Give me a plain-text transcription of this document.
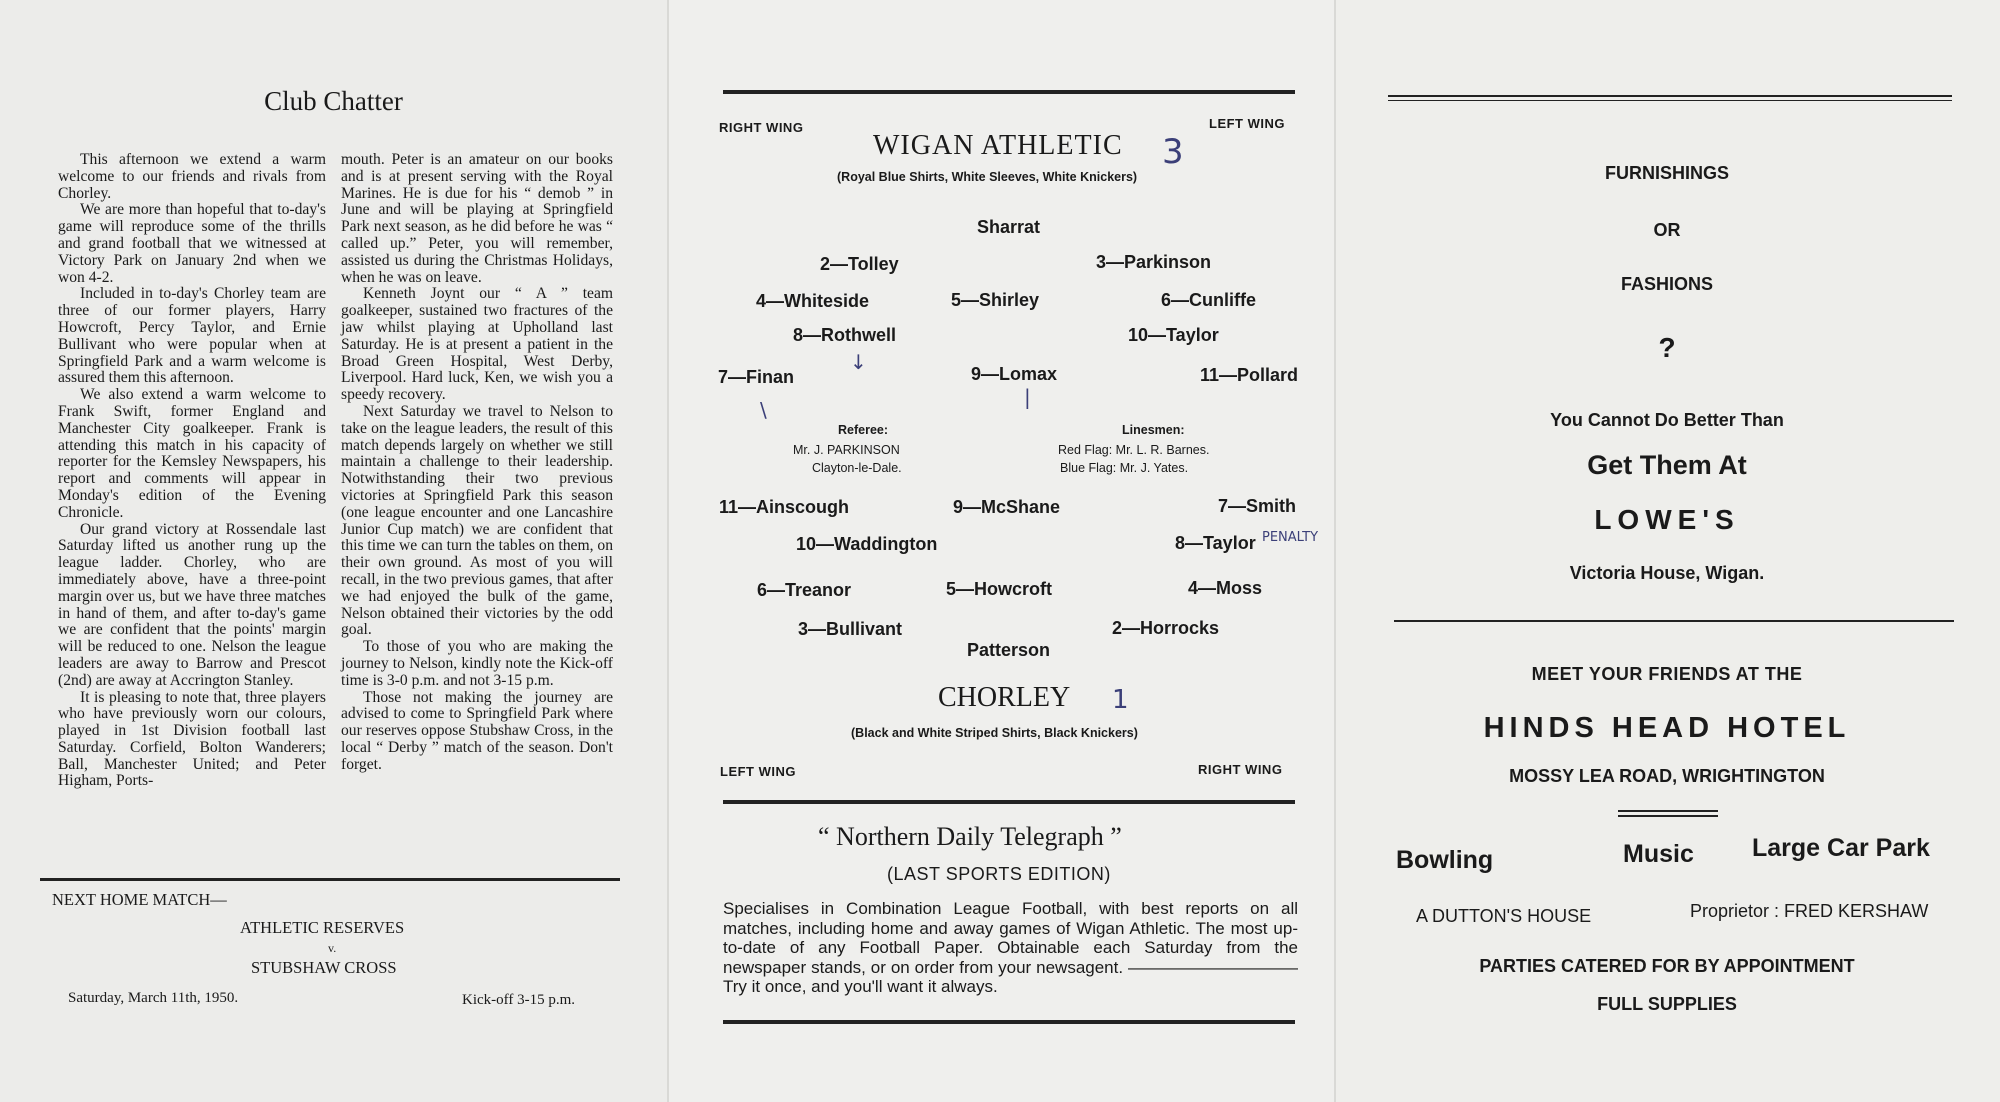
Club Chatter

This afternoon we extend a warm welcome to our friends and rivals from Chorley.

We are more than hopeful that to-day's game will reproduce some of the thrills and grand football that we witnessed at Victory Park on January 2nd when we won 4-2.

Included in to-day's Chorley team are three of our former players, Harry Howcroft, Percy Taylor, and Ernie Bullivant who were popular when at Springfield Park and a warm welcome is assured them this afternoon.

We also extend a warm welcome to Frank Swift, former England and Manchester City goalkeeper. Frank is attending this match in his capacity of reporter for the Kemsley Newspapers, his report and comments will appear in Monday's edition of the Evening Chronicle.

Our grand victory at Rossendale last Saturday lifted us another rung up the league ladder. Chorley, who are immediately above, have a three-point margin over us, but we have three matches in hand of them, and after to-day's game we are confident that the points' margin will be reduced to one. Nelson the league leaders are away to Barrow and Prescot (2nd) are away at Accrington Stanley.

It is pleasing to note that, three players who have previously worn our colours, played in 1st Division football last Saturday. Corfield, Bolton Wanderers; Ball, Manchester United; and Peter Higham, Ports-

mouth. Peter is an amateur on our books and is at present serving with the Royal Marines. He is due for his “ demob ” in June and will be playing at Springfield Park next season, as he did before he was “ called up.” Peter, you will remember, assisted us during the Christmas Holidays, when he was on leave.

Kenneth Joynt our “ A ” team goalkeeper, sustained two fractures of the jaw whilst playing at Upholland last Saturday. He is at present a patient in the Broad Green Hospital, West Derby, Liverpool. Hard luck, Ken, we wish you a speedy recovery.

Next Saturday we travel to Nelson to take on the league leaders, the result of this match depends largely on whether we still maintain a challenge to their leadership. Notwithstanding their two previous victories at Springfield Park this season (one league encounter and one Lancashire Junior Cup match) we are confident that this time we can turn the tables on them, on their own ground. As most of you will recall, in the two previous games, that after we had enjoyed the bulk of the game, Nelson obtained their victories by the odd goal.

To those of you who are making the journey to Nelson, kindly note the Kick-off time is 3-0 p.m. and not 3-15 p.m.

Those not making the journey are advised to come to Springfield Park where our reserves oppose Stubshaw Cross, in the local “ Derby ” match of the season. Don't forget.

NEXT HOME MATCH—
ATHLETIC RESERVES
v.
STUBSHAW CROSS
Saturday, March 11th, 1950.	Kick-off 3-15 p.m.
RIGHT WING	LEFT WING
WIGAN ATHLETIC 3
(Royal Blue Shirts, White Sleeves, White Knickers)
Sharrat
2—Tolley	3—Parkinson
4—Whiteside	5—Shirley	6—Cunliffe
8—Rothwell	10—Taylor
↓
7—Finan	9—Lomax	11—Pollard
|
\
Referee:
Mr. J. PARKINSON
Clayton-le-Dale.
Linesmen:
Red Flag: Mr. L. R. Barnes.
Blue Flag: Mr. J. Yates.
11—Ainscough	9—McShane	7—Smith
10—Waddington	8—Taylor PENALTY
6—Treanor	5—Howcroft	4—Moss
3—Bullivant	2—Horrocks
Patterson
CHORLEY 1
(Black and White Striped Shirts, Black Knickers)
LEFT WING	RIGHT WING
“ Northern Daily Telegraph ”
(LAST SPORTS EDITION)
Specialises in Combination League Football, with best reports on all matches, including home and away games of Wigan Athletic. The most up-to-date of any Football Paper. Obtainable each Saturday from the newspaper stands, or on order from your newsagent. —————————— Try it once, and you'll want it always.
FURNISHINGS
OR
FASHIONS
?
You Cannot Do Better Than
Get Them At
LOWE'S
Victoria House, Wigan.
MEET YOUR FRIENDS AT THE
HINDS HEAD HOTEL
MOSSY LEA ROAD, WRIGHTINGTON
Bowling	Music Large Car Park
A DUTTON'S HOUSE	Proprietor : FRED KERSHAW
PARTIES CATERED FOR BY APPOINTMENT
FULL SUPPLIES
